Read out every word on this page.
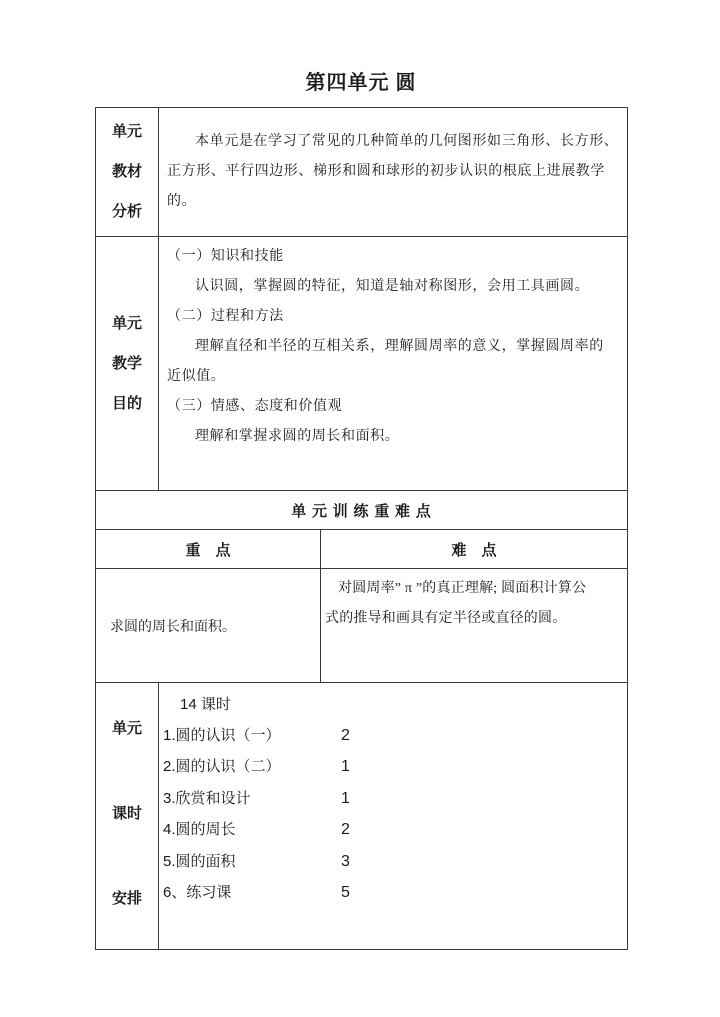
第四单元 圆
单元
教材
分析

本单元是在学习了常见的几种简单的几何图形如三角形、长方形、
正方形、平行四边形、梯形和圆和球形的初步认识的根底上进展教学的。

单元
教学
目的

（一）知识和技能
认识圆，掌握圆的特征，知道是轴对称图形，会用工具画圆。
（二）过程和方法
理解直径和半径的互相关系，理解圆周率的意义，掌握圆周率的
近似值。
（三）情感、态度和价值观
理解和掌握求圆的周长和面积。

单 元 训 练 重 难 点		
重　点		难　点
求圆的周长和面积。		对圆周率” π ”的真正理解; 圆面积计算公
式的推导和画具有定半径或直径的圆。

单元
课时
安排

14 课时
1.圆的认识（一）	2
2.圆的认识（二）	1
3.欣赏和设计	1
4.圆的周长	2
5.圆的面积	3
6、练习课	5
